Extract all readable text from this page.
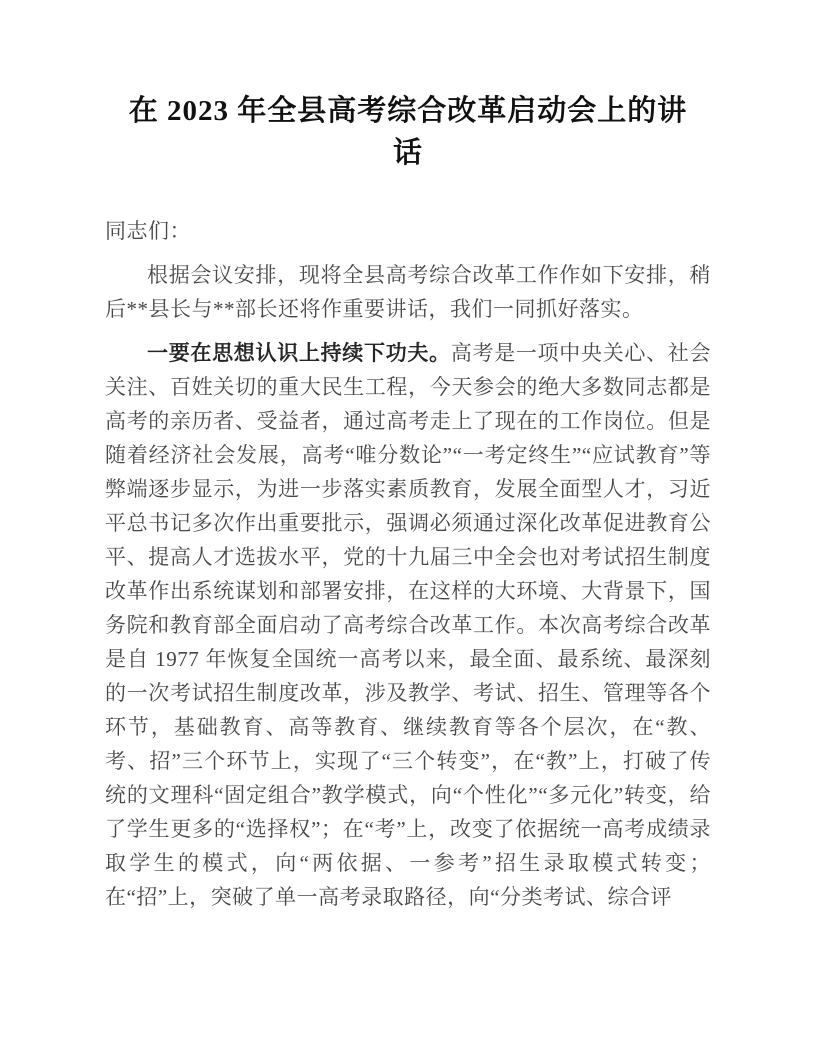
在 2023 年全县高考综合改革启动会上的讲话

同志们：

根据会议安排，现将全县高考综合改革工作作如下安排，稍后**县长与**部长还将作重要讲话，我们一同抓好落实。

一要在思想认识上持续下功夫。高考是一项中央关心、社会关注、百姓关切的重大民生工程，今天参会的绝大多数同志都是高考的亲历者、受益者，通过高考走上了现在的工作岗位。但是随着经济社会发展，高考“唯分数论”“一考定终生”“应试教育”等弊端逐步显示，为进一步落实素质教育，发展全面型人才，习近平总书记多次作出重要批示，强调必须通过深化改革促进教育公平、提高人才选拔水平，党的十九届三中全会也对考试招生制度改革作出系统谋划和部署安排，在这样的大环境、大背景下，国务院和教育部全面启动了高考综合改革工作。本次高考综合改革是自 1977 年恢复全国统一高考以来，最全面、最系统、最深刻的一次考试招生制度改革，涉及教学、考试、招生、管理等各个环节，基础教育、高等教育、继续教育等各个层次，在“教、考、招”三个环节上，实现了“三个转变”，在“教”上，打破了传统的文理科“固定组合”教学模式，向“个性化”“多元化”转变，给了学生更多的“选择权”；在“考”上，改变了依据统一高考成绩录取学生的模式，向“两依据、一参考”招生录取模式转变；在“招”上，突破了单一高考录取路径，向“分类考试、综合评
